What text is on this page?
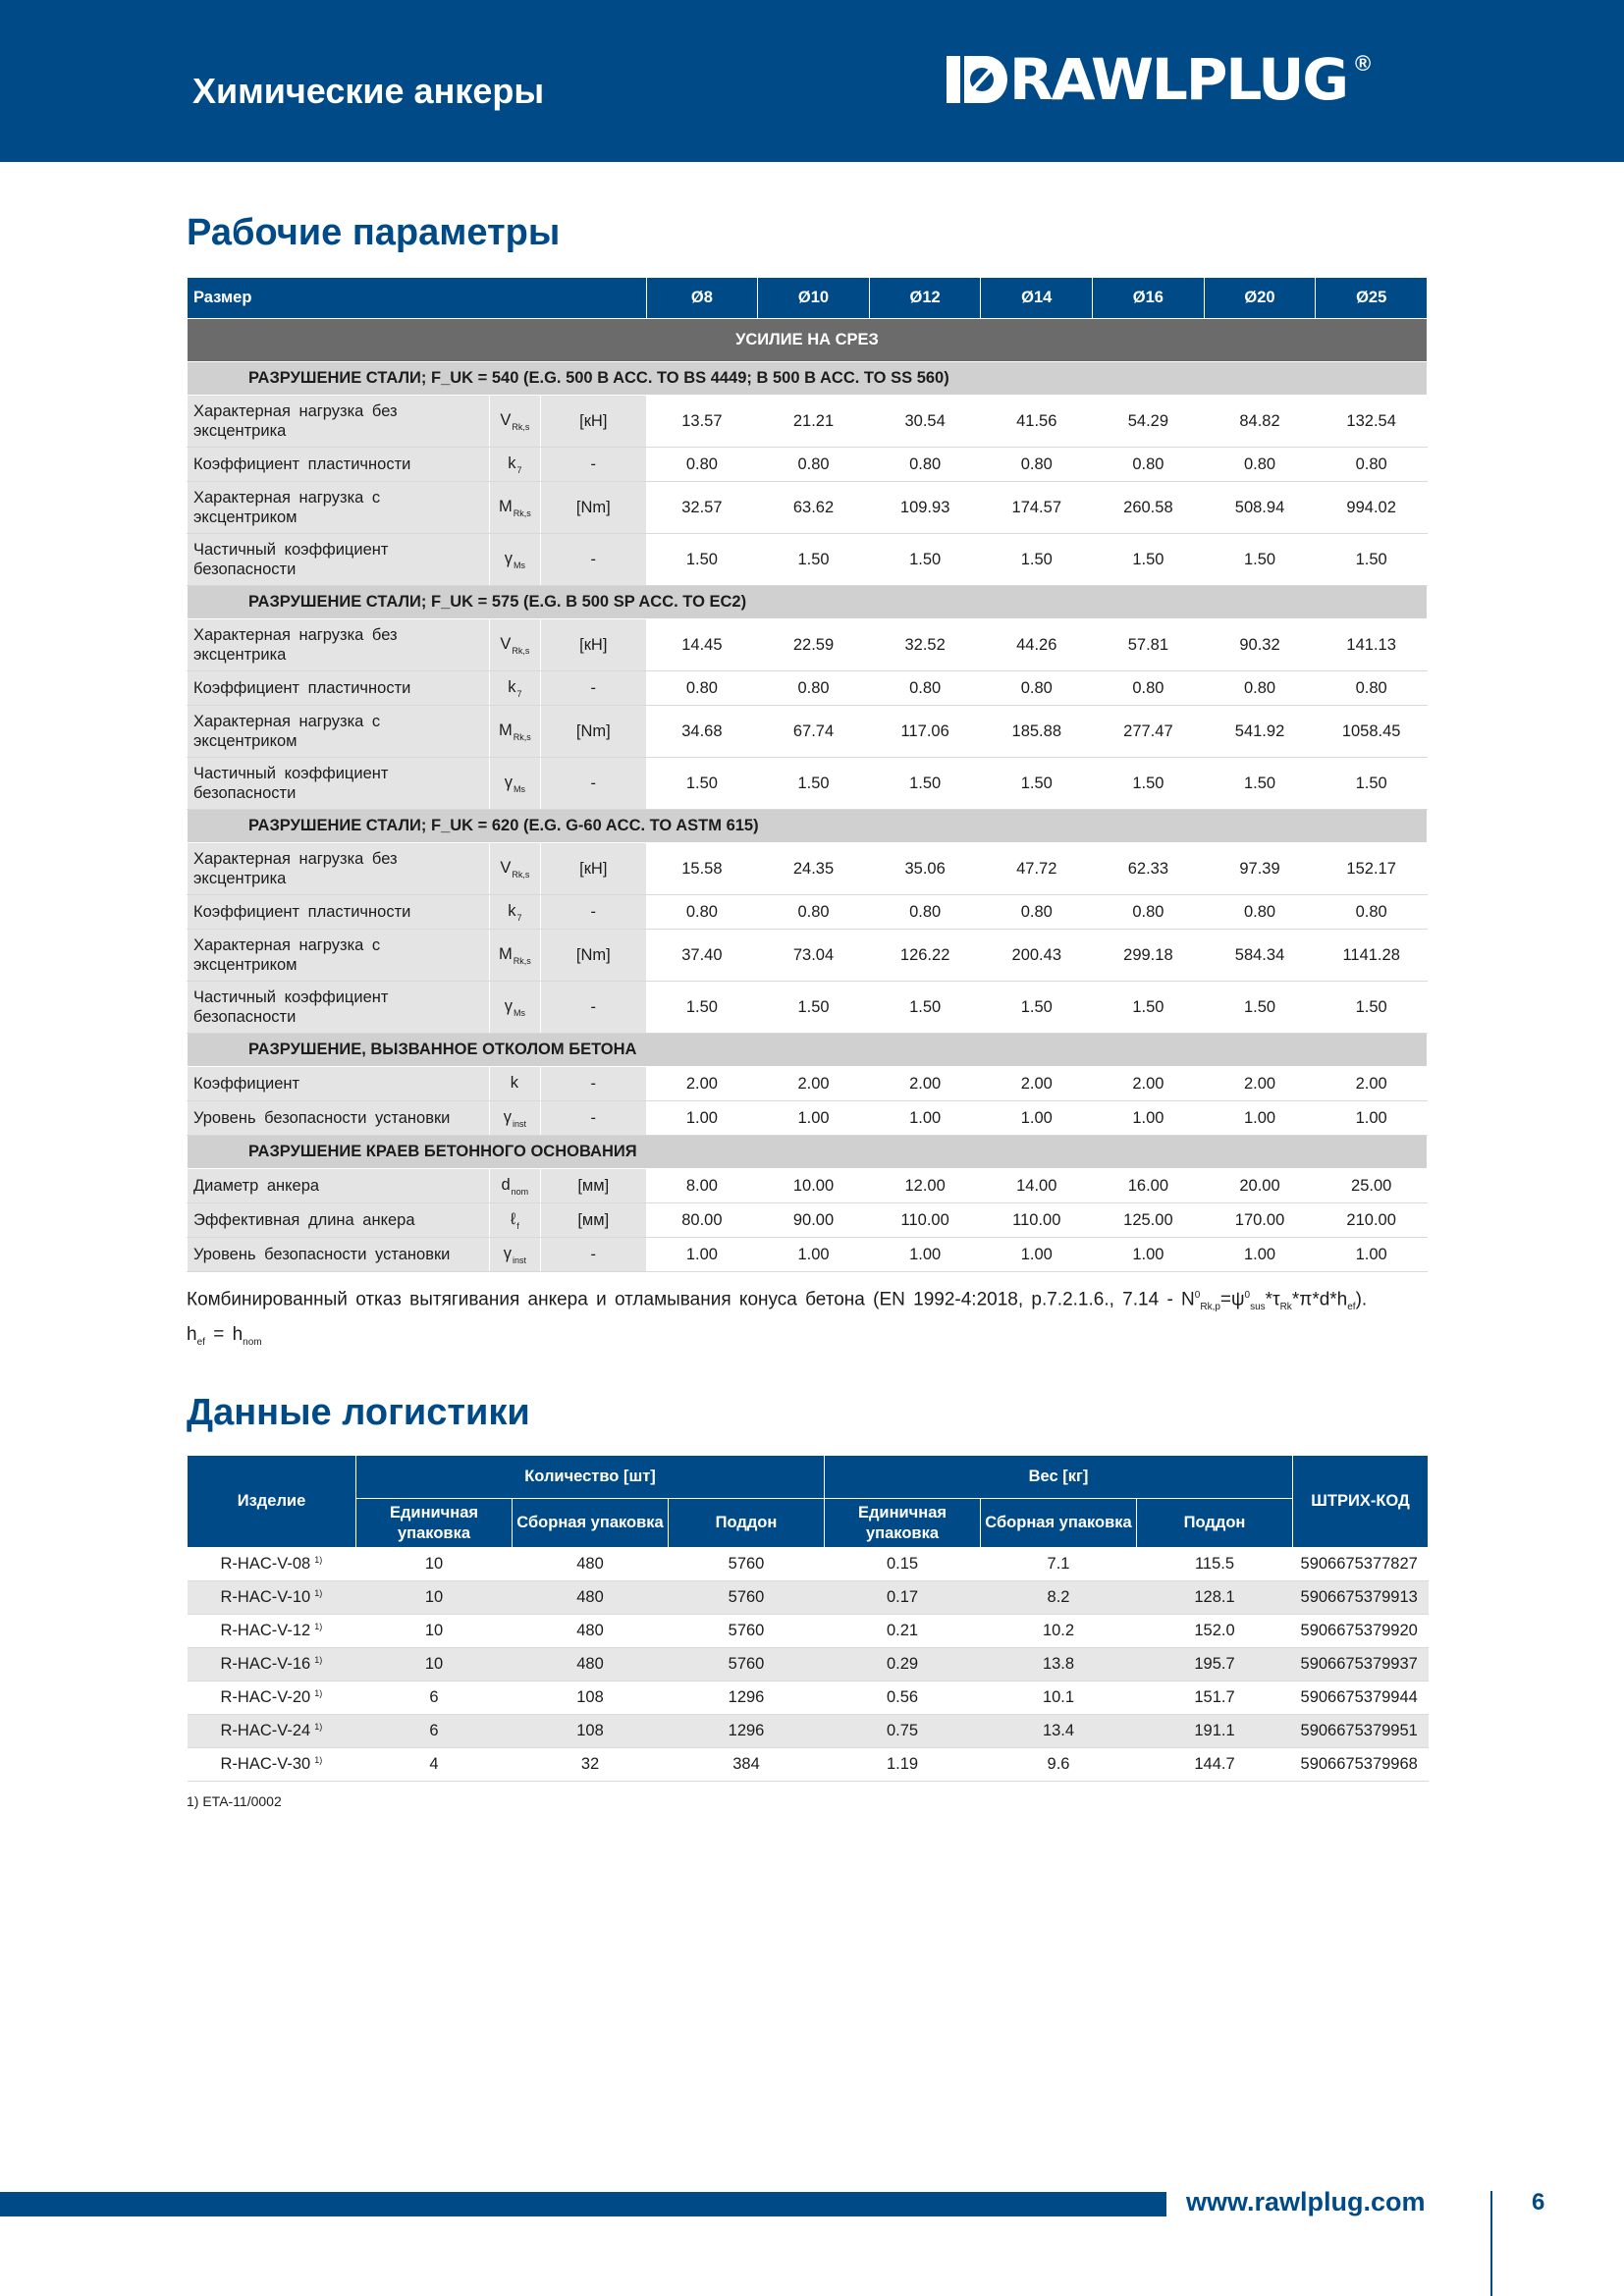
Химические анкеры	RAWLPLUG ®
Рабочие параметры
Размер			Ø8	Ø10	Ø12	Ø14	Ø16	Ø20	Ø25
УСИЛИЕ НА СРЕЗ									
РАЗРУШЕНИЕ СТАЛИ; F_UK = 540 (E.G. 500 B ACC. TO BS 4449; B 500 B ACC. TO SS 560)									
Характерная нагрузка без эксцентрика	$V_{Rk,s}$	[кН]	13.57	21.21	30.54	41.56	54.29	84.82	132.54
Коэффициент пластичности	$k_7$	-	0.80	0.80	0.80	0.80	0.80	0.80	0.80
Характерная нагрузка с эксцентриком	$M_{Rk,s}$	[Nm]	32.57	63.62	109.93	174.57	260.58	508.94	994.02
Частичный коэффициент безопасности	$\gamma_{Ms}$	-	1.50	1.50	1.50	1.50	1.50	1.50	1.50
РАЗРУШЕНИЕ СТАЛИ; F_UK = 575 (E.G. B 500 SP ACC. TO EC2)									
Характерная нагрузка без эксцентрика	$V_{Rk,s}$	[кН]	14.45	22.59	32.52	44.26	57.81	90.32	141.13
Коэффициент пластичности	$k_7$	-	0.80	0.80	0.80	0.80	0.80	0.80	0.80
Характерная нагрузка с эксцентриком	$M_{Rk,s}$	[Nm]	34.68	67.74	117.06	185.88	277.47	541.92	1058.45
Частичный коэффициент безопасности	$\gamma_{Ms}$	-	1.50	1.50	1.50	1.50	1.50	1.50	1.50
РАЗРУШЕНИЕ СТАЛИ; F_UK = 620 (E.G. G-60 ACC. TO ASTM 615)									
Характерная нагрузка без эксцентрика	$V_{Rk,s}$	[кН]	15.58	24.35	35.06	47.72	62.33	97.39	152.17
Коэффициент пластичности	$k_7$	-	0.80	0.80	0.80	0.80	0.80	0.80	0.80
Характерная нагрузка с эксцентриком	$M_{Rk,s}$	[Nm]	37.40	73.04	126.22	200.43	299.18	584.34	1141.28
Частичный коэффициент безопасности	$\gamma_{Ms}$	-	1.50	1.50	1.50	1.50	1.50	1.50	1.50
РАЗРУШЕНИЕ, ВЫЗВАННОЕ ОТКОЛОМ БЕТОНА									
Коэффициент	k	-	2.00	2.00	2.00	2.00	2.00	2.00	2.00
Уровень безопасности установки	$\gamma_{inst}$	-	1.00	1.00	1.00	1.00	1.00	1.00	1.00
РАЗРУШЕНИЕ КРАЕВ БЕТОННОГО ОСНОВАНИЯ									
Диаметр анкера	$d_{nom}$	[мм]	8.00	10.00	12.00	14.00	16.00	20.00	25.00
Эффективная длина анкера	ℓ$_f$	[мм]	80.00	90.00	110.00	110.00	125.00	170.00	210.00
Уровень безопасности установки	$\gamma_{inst}$	-	1.00	1.00	1.00	1.00	1.00	1.00	1.00
Комбинированный отказ вытягивания анкера и отламывания конуса бетона (EN 1992-4:2018, p.7.2.1.6., $7.14 - N^0_{Rk,p}=\psi^0_{sus}*\tau_{Rk}*\pi*d*h_{ef}$).
$h_{ef} = h_{nom}$
Данные логистики
Изделие	Количество [шт]			Вес [кг]			ШТРИХ-КОД
	Единичная упаковка	Сборная упаковка	Поддон	Единичная упаковка	Сборная упаковка	Поддон	
R-HAC-V-08 $^{1)}$	10	480	5760	0.15	7.1	115.5	5906675377827
R-HAC-V-10 $^{1)}$	10	480	5760	0.17	8.2	128.1	5906675379913
R-HAC-V-12 $^{1)}$	10	480	5760	0.21	10.2	152.0	5906675379920
R-HAC-V-16 $^{1)}$	10	480	5760	0.29	13.8	195.7	5906675379937
R-HAC-V-20 $^{1)}$	6	108	1296	0.56	10.1	151.7	5906675379944
R-HAC-V-24 $^{1)}$	6	108	1296	0.75	13.4	191.1	5906675379951
R-HAC-V-30 $^{1)}$	4	32	384	1.19	9.6	144.7	5906675379968
1) ETA-11/0002
www.rawlplug.com	6
